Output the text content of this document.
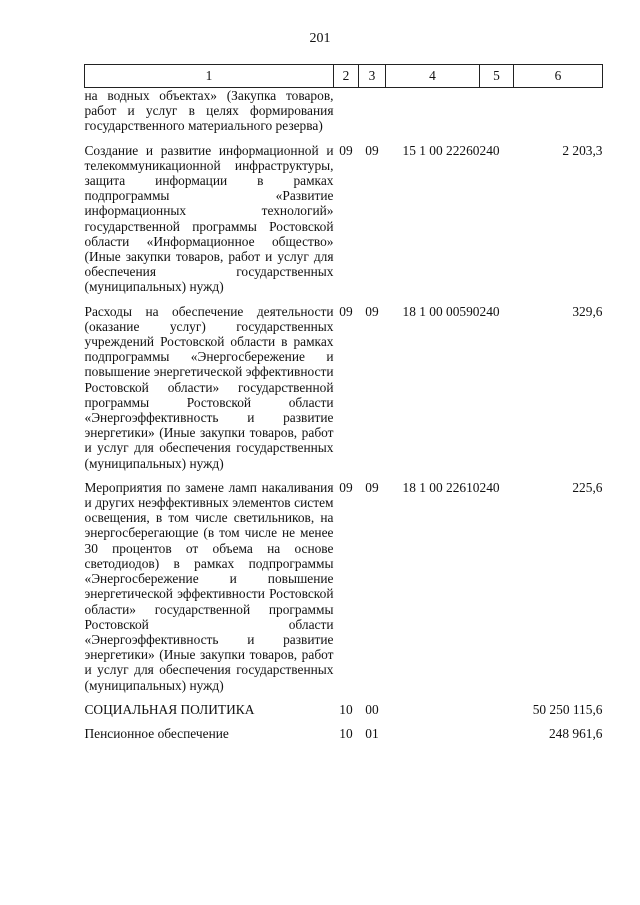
201
1	2	3	4	5	6
на водных объектах» (Закупка товаров, работ и услуг в целях формирования государственного материального резерва)					

Создание и развитие информационной и телекоммуникационной инфраструктуры, защита информации в рамках подпрограммы «Развитие информационных технологий» государственной программы Ростовской области «Информационное общество» (Иные закупки товаров, работ и услуг для обеспечения государственных (муниципальных) нужд)	09	09	15 1 00 22260	240	2 203,3

Расходы на обеспечение деятельности (оказание услуг) государственных учреждений Ростовской области в рамках подпрограммы «Энергосбережение и повышение энергетической эффективности Ростовской области» государственной программы Ростовской области «Энергоэффективность и развитие энергетики» (Иные закупки товаров, работ и услуг для обеспечения государственных (муниципальных) нужд)	09	09	18 1 00 00590	240	329,6

Мероприятия по замене ламп накаливания и других неэффективных элементов систем освещения, в том числе светильников, на энергосберегающие (в том числе не менее 30 процентов от объема на основе светодиодов) в рамках подпрограммы «Энергосбережение и повышение энергетической эффективности Ростовской области» государственной программы Ростовской области «Энергоэффективность и развитие энергетики» (Иные закупки товаров, работ и услуг для обеспечения государственных (муниципальных) нужд)	09	09	18 1 00 22610	240	225,6

СОЦИАЛЬНАЯ ПОЛИТИКА	10	00			50 250 115,6

Пенсионное обеспечение	10	01			248 961,6
